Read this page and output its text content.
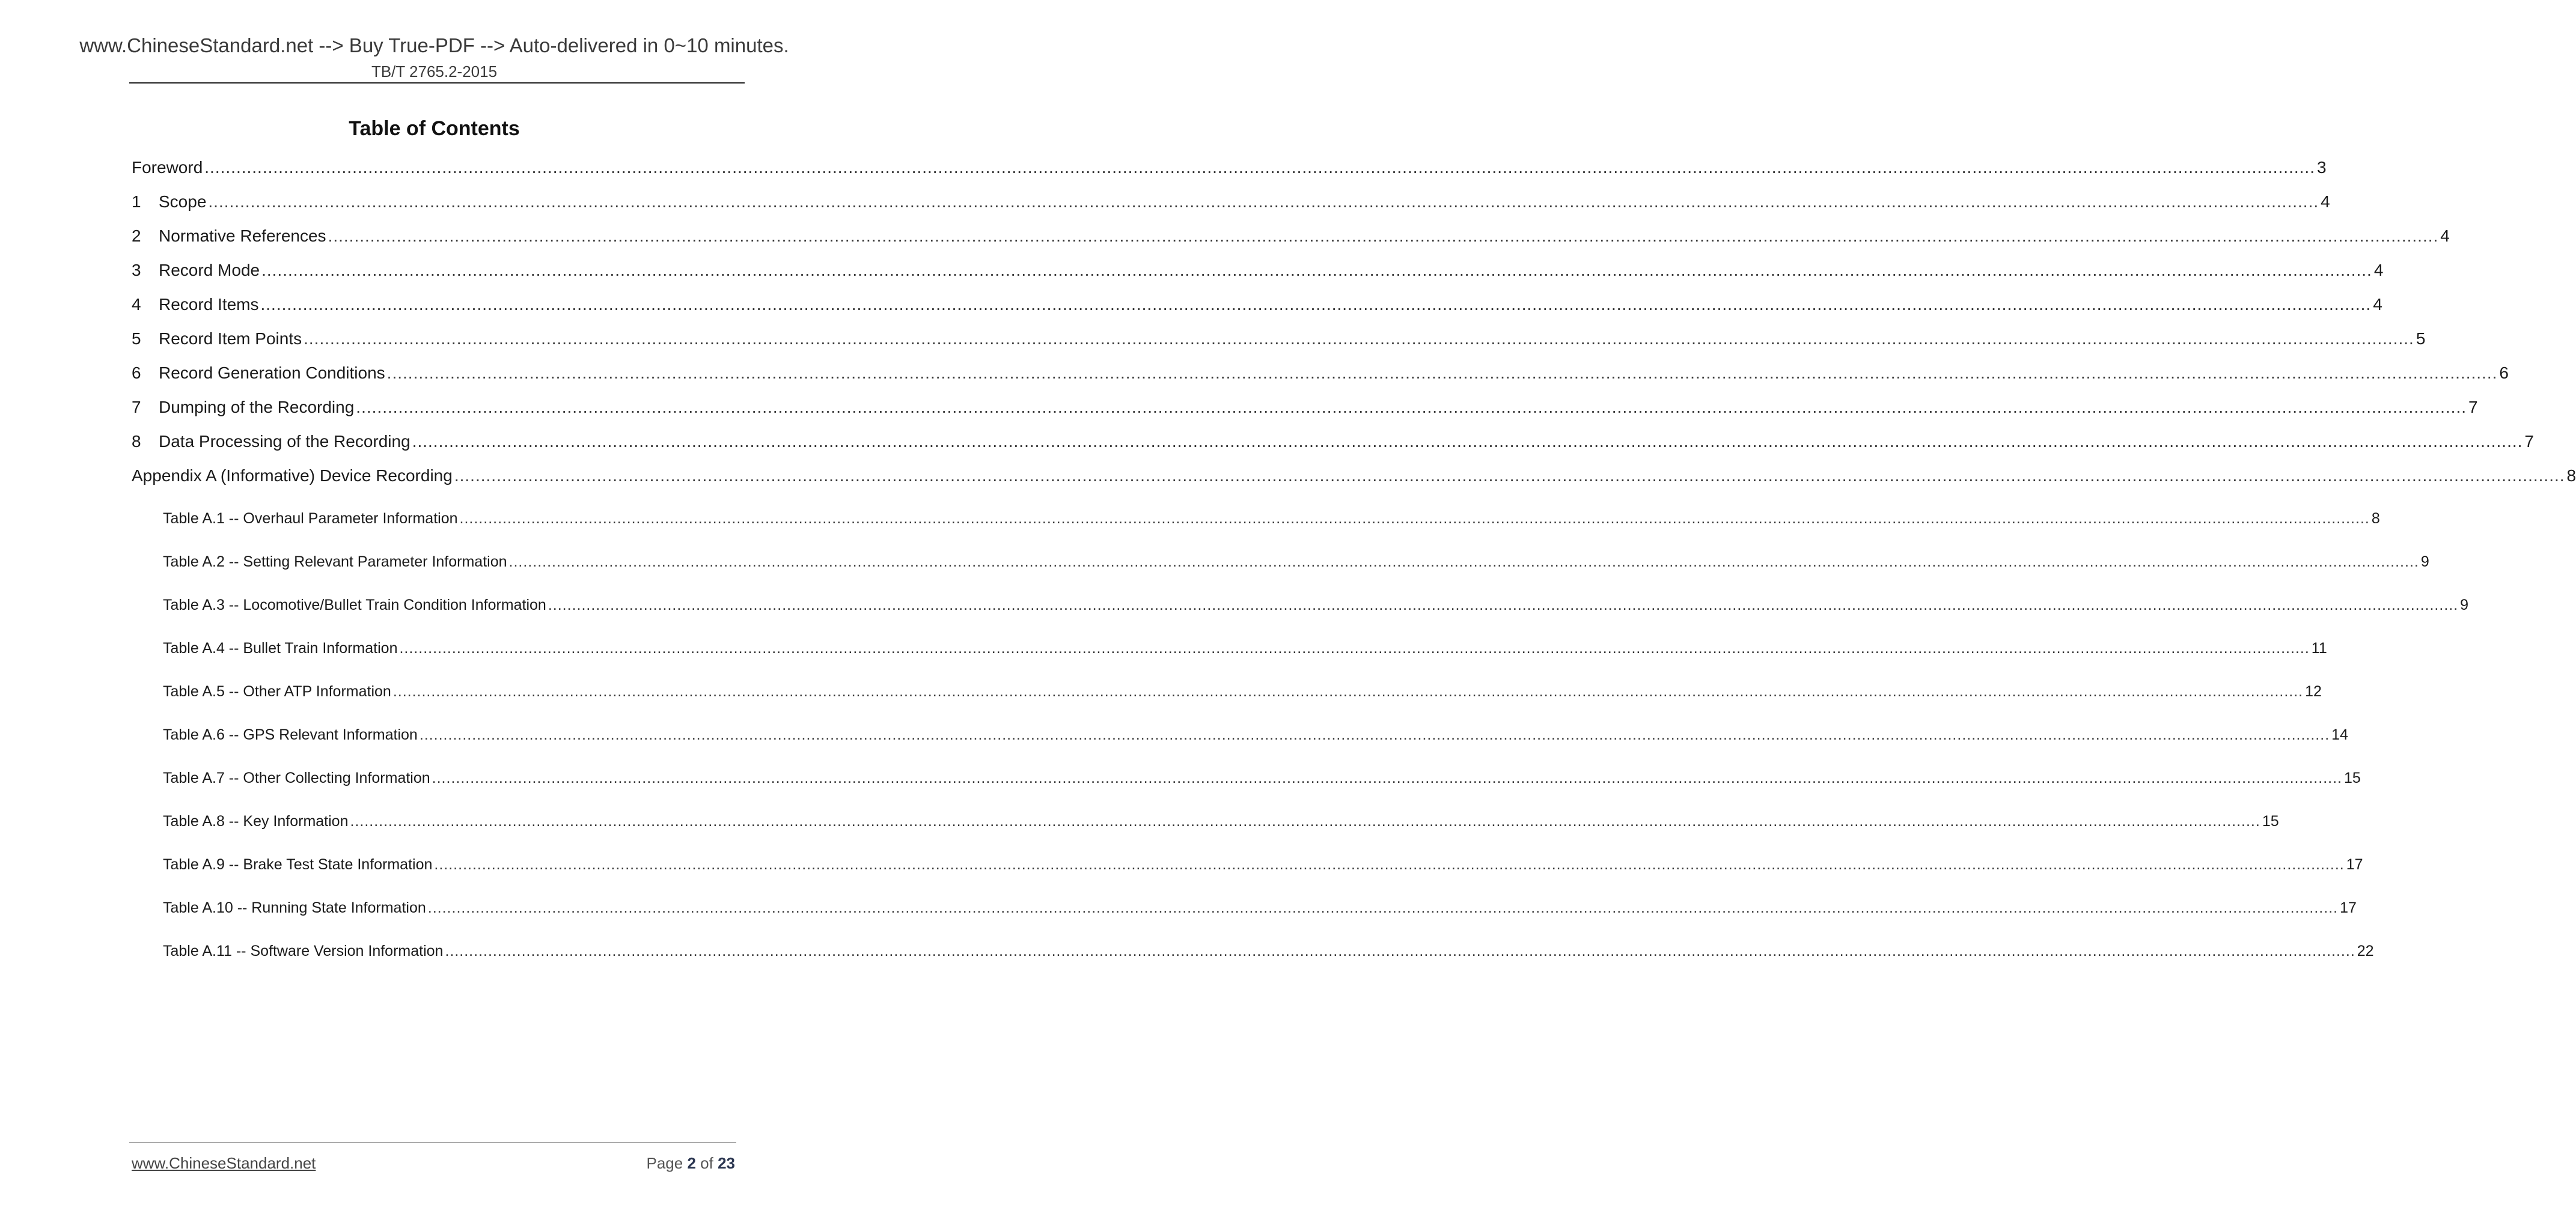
www.ChineseStandard.net --> Buy True-PDF --> Auto-delivered in 0~10 minutes.
TB/T 2765.2-2015
Table of Contents
Foreword ................................................................................................................................................................................................................................................................................................................................................................................................................ 3
1	Scope ................................................................................................................................................................................................................................................................................................................................................................................................................ 4
2	Normative References ................................................................................................................................................................................................................................................................................................................................................................................................................ 4
3	Record Mode ................................................................................................................................................................................................................................................................................................................................................................................................................ 4
4	Record Items ................................................................................................................................................................................................................................................................................................................................................................................................................ 4
5	Record Item Points ................................................................................................................................................................................................................................................................................................................................................................................................................ 5
6	Record Generation Conditions ................................................................................................................................................................................................................................................................................................................................................................................................................ 6
7	Dumping of the Recording ................................................................................................................................................................................................................................................................................................................................................................................................................ 7
8	Data Processing of the Recording ................................................................................................................................................................................................................................................................................................................................................................................................................ 7
Appendix A (Informative) Device Recording ................................................................................................................................................................................................................................................................................................................................................................................................................ 8
Table A.1 -- Overhaul Parameter Information ................................................................................................................................................................................................................................................................................................................................................................................................................ 8
Table A.2 -- Setting Relevant Parameter Information ................................................................................................................................................................................................................................................................................................................................................................................................................ 9
Table A.3 -- Locomotive/Bullet Train Condition Information ................................................................................................................................................................................................................................................................................................................................................................................................................ 9
Table A.4 -- Bullet Train Information ................................................................................................................................................................................................................................................................................................................................................................................................................ 11
Table A.5 -- Other ATP Information ................................................................................................................................................................................................................................................................................................................................................................................................................ 12
Table A.6 -- GPS Relevant Information ................................................................................................................................................................................................................................................................................................................................................................................................................ 14
Table A.7 -- Other Collecting Information ................................................................................................................................................................................................................................................................................................................................................................................................................ 15
Table A.8 -- Key Information ................................................................................................................................................................................................................................................................................................................................................................................................................ 15
Table A.9 -- Brake Test State Information ................................................................................................................................................................................................................................................................................................................................................................................................................ 17
Table A.10 -- Running State Information ................................................................................................................................................................................................................................................................................................................................................................................................................ 17
Table A.11 -- Software Version Information ................................................................................................................................................................................................................................................................................................................................................................................................................ 22
www.ChineseStandard.net	Page 2 of 23
